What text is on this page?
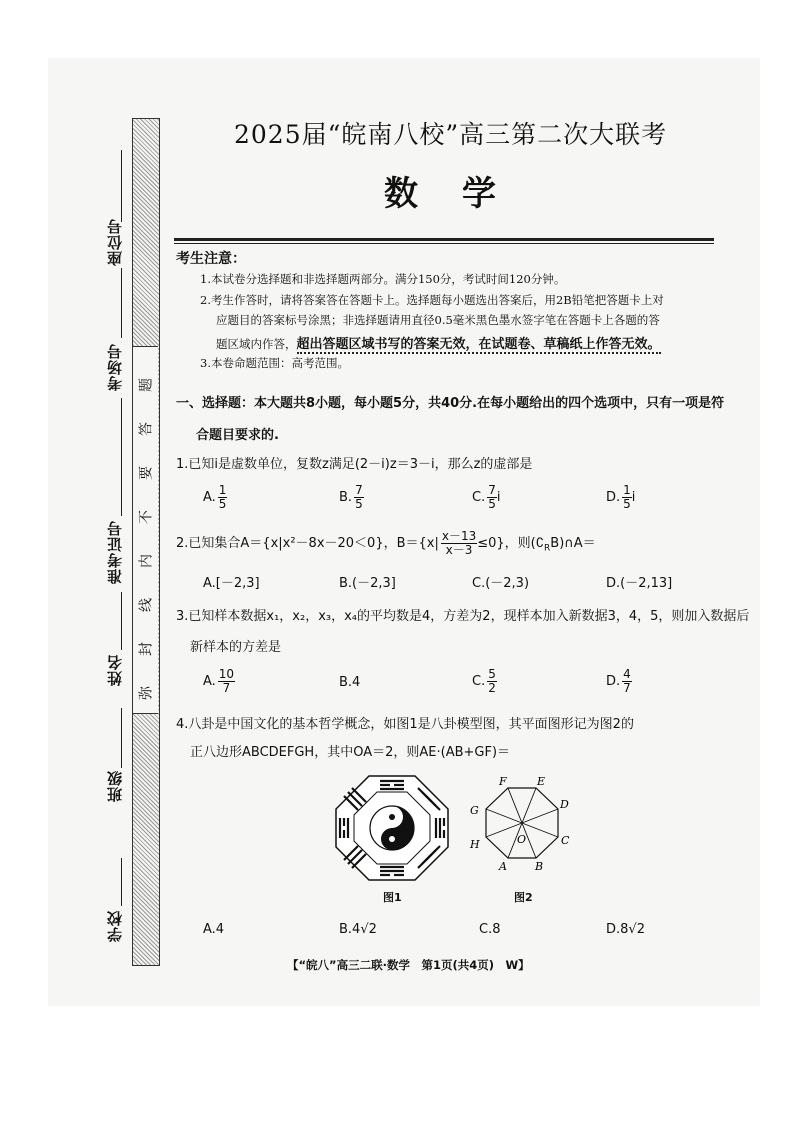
座位号
考场号
准考证号
姓名
班级
学校
题
答
要
不
内
线
封
弥
2025届“皖南八校”高三第二次大联考
数学
考生注意：
1.本试卷分选择题和非选择题两部分。满分150分，考试时间120分钟。
2.考生作答时，请将答案答在答题卡上。选择题每小题选出答案后，用2B铅笔把答题卡上对
应题目的答案标号涂黑；非选择题请用直径0.5毫米黑色墨水签字笔在答题卡上各题的答
题区域内作答，超出答题区域书写的答案无效，在试题卷、草稿纸上作答无效。
3.本卷命题范围：高考范围。
一、选择题：本大题共8小题，每小题5分，共40分.在每小题给出的四个选项中，只有一项是符
合题目要求的.
1.已知i是虚数单位，复数z满足(2－i)z＝3－i，那么z的虚部是
A. $\frac{1}{5}$	B. $\frac{7}{5}$	C. $\frac{7}{5}$ i	D. $\frac{1}{5}$ i
2.已知集合A＝{x|x²－8x－20＜0}，$B=\{x| \frac{x-13}{x-3} \le 0\}$，则$(∁_RB)\cap A=$
A.[－2,3]	B.(－2,3]	C.(－2,3)	D.(－2,13]
3.已知样本数据x₁，x₂，x₃，x₄的平均数是4，方差为2，现样本加入新数据3，4，5，则加入数据后
新样本的方差是
A. $\frac{10}{7}$	B.4	C. $\frac{5}{2}$	D. $\frac{4}{7}$
4.八卦是中国文化的基本哲学概念，如图1是八卦模型图，其平面图形记为图2的
正八边形ABCDEFGH，其中OA＝2，则AE·(AB+GF)＝
图1
F	E
D
C
B
A
G
H	O
图2
A.4	B.4√2	C.8	D.8√2
【“皖八”高三二联·数学　第1页(共4页)　W】
